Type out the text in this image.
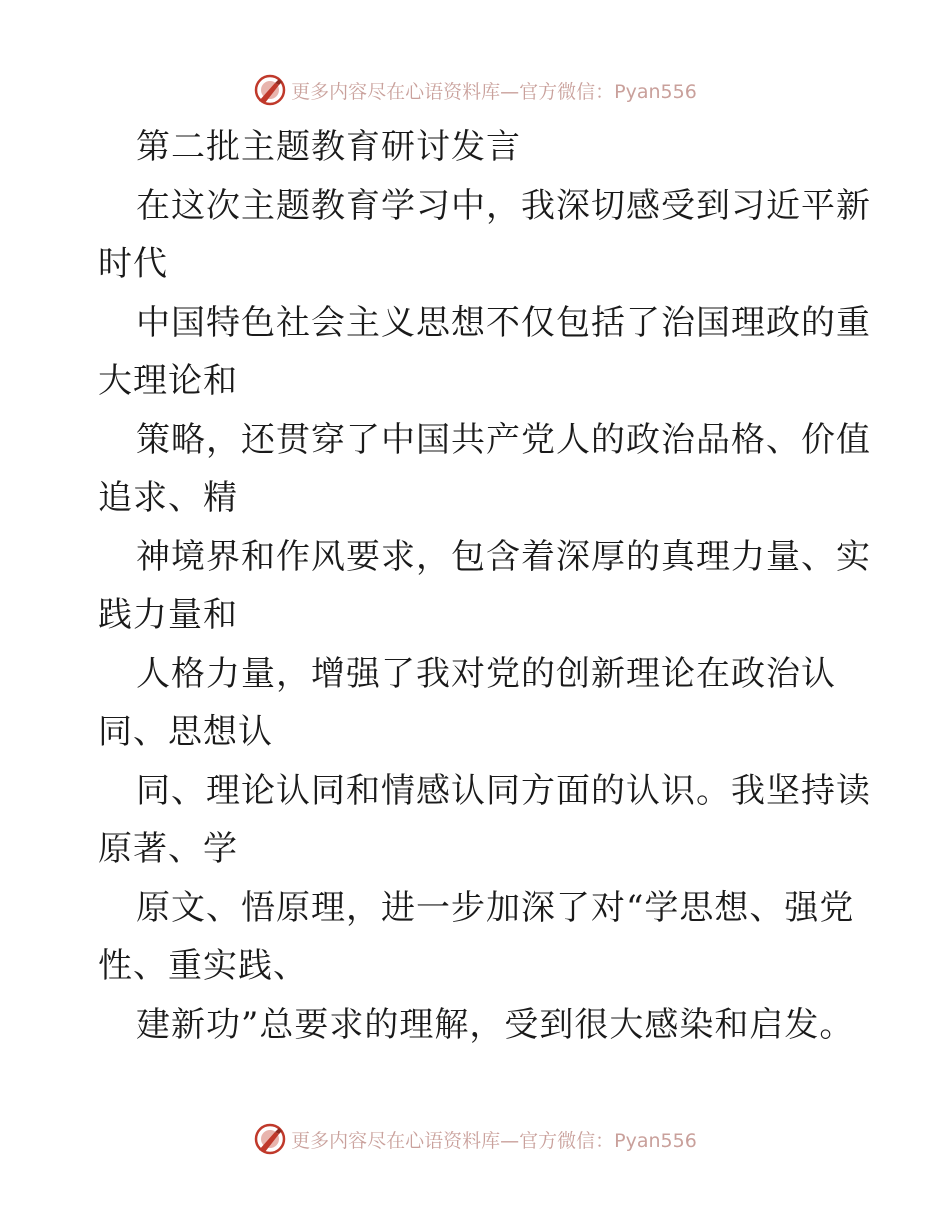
更多内容尽在心语资料库—官方微信：Pyan556
第二批主题教育研讨发言
在这次主题教育学习中，我深切感受到习近平新
时代
中国特色社会主义思想不仅包括了治国理政的重
大理论和
策略，还贯穿了中国共产党人的政治品格、价值
追求、精
神境界和作风要求，包含着深厚的真理力量、实
践力量和
人格力量，增强了我对党的创新理论在政治认
同、思想认
同、理论认同和情感认同方面的认识。我坚持读
原著、学
原文、悟原理，进一步加深了对“学思想、强党
性、重实践、
建新功”总要求的理解，受到很大感染和启发。
更多内容尽在心语资料库—官方微信：Pyan556
